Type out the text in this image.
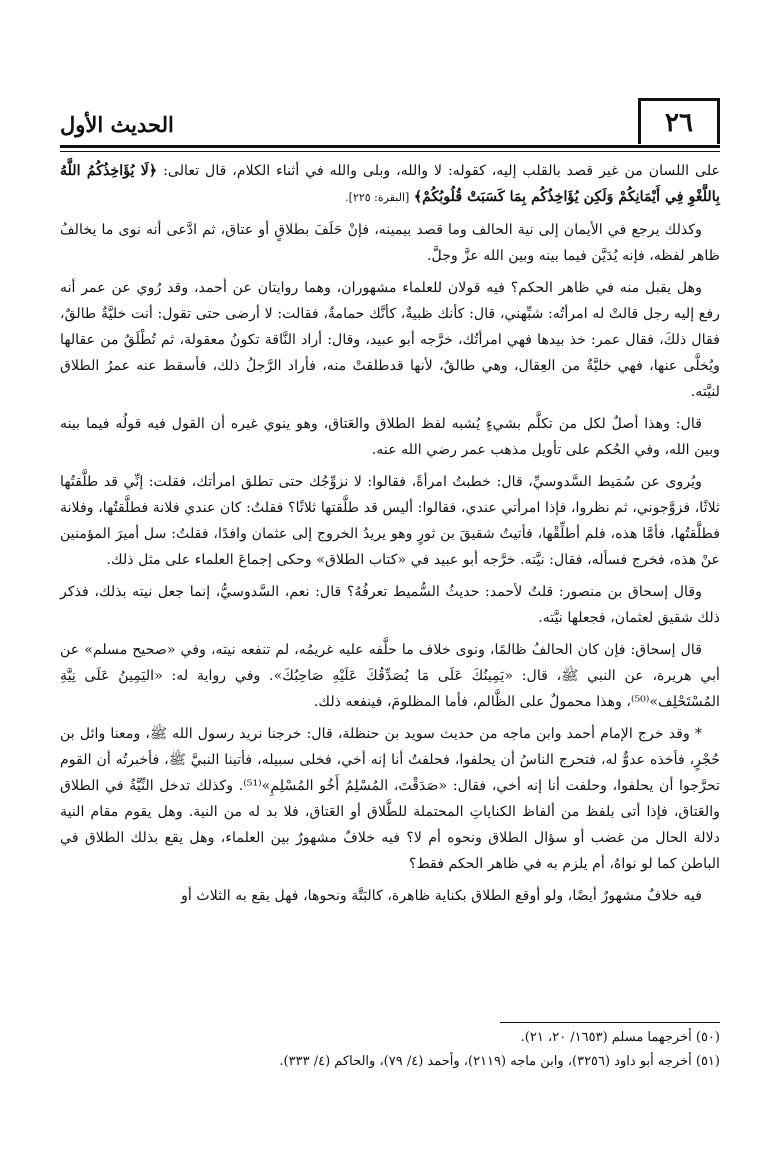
الحديث الأول	٢٦

على اللسان من غير قصد بالقلب إليه، كقوله: لا والله، وبلى والله في أثناء الكلام، قال تعالى: ﴿لَا يُؤَاخِذُكُمُ اللَّهُ بِاللَّغْوِ فِي أَيْمَانِكُمْ وَلَكِن يُؤَاخِذُكُم بِمَا كَسَبَتْ قُلُوبُكُمْ﴾ [البقرة: ٢٢٥].

وكذلك يرجع في الأيمان إلى نية الحالف وما قصد بيمينه، فإنْ حَلَفَ بطلاقٍ أو عتاق، ثم ادَّعى أنه نوى ما يخالفُ ظاهر لفظه، فإنه يُدَيَّن فيما بينه وبين الله عزَّ وجلَّ.

وهل يقبل منه في ظاهر الحكم؟ فيه قولان للعلماء مشهوران، وهما روايتان عن أحمد، وقد رُوي عن عمر أنه رفع إليه رجل قالتْ له امرأتُه: شبِّهني، قال: كأنك ظبيةٌ، كأنَّك حمامةٌ، فقالت: لا أرضى حتى تقول: أنت خليَّةٌ طالقٌ، فقال ذلكَ، فقال عمر: خذ بيدها فهي امرأتُك، خرَّجه أبو عبيد، وقال: أراد النَّاقة تكونُ معقولة، ثم تُطْلَقُ من عقالها ويُخلَّى عنها، فهي خليَّةٌ من العِقال، وهي طالقٌ، لأنها قدطلقتْ منه، فأراد الرَّجلُ ذلك، فأسقط عنه عمرُ الطلاق لنيَّته.

قال: وهذا أصلٌ لكل من تكلَّم بشيءٍ يُشبه لفظ الطلاق والعَتاق، وهو ينوي غيره أن القول فيه قولُه فيما بينه وبين الله، وفي الحُكم على تأويل مذهب عمر رضي الله عنه.

ويُروى عن سُمَيط السَّدوسيِّ، قال: خطبتُ امرأةً، فقالوا: لا نزوِّجُك حتى تطلق امرأتك، فقلت: إنِّي قد طلَّقتُها ثلاثًا، فزوَّجوني، ثم نظروا، فإذا امرأتي عندي، فقالوا: أليس قد طلَّقتها ثلاثًا؟ فقلتُ: كان عندي فلانة فطلَّقتُها، وفلانة فطلَّقتُها، فأمَّا هذه، فلم أطلِّقْها، فأتيتُ شقيقَ بن ثورٍ وهو يريدُ الخروج إلى عثمان وافدًا، فقلتُ: سل أميرَ المؤمنين عنْ هذه، فخرج فسأله، فقال: نيَّته. خرَّجه أبو عبيد في «كتاب الطلاق» وحكى إجماعَ العلماء على مثل ذلك.

وقال إسحاق بن منصور: قلتُ لأحمد: حديثُ السُّميط تعرفُهُ؟ قال: نعم، السَّدوسيُّ، إنما جعل نيته بذلك، فذكر ذلك شقيق لعثمان، فجعلها نيَّته.

قال إسحاق: فإن كان الحالفُ ظالمًا، ونوى خلاف ما حلَّفه عليه غريمُه، لم تنفعه نيته، وفي «صحيح مسلم» عن أبي هريرة، عن النبي ﷺ، قال: «يَمِينُكَ عَلَى مَا يُصَدِّقُكَ عَلَيْهِ صَاحِبُكَ». وفي رواية له: «اليَمِينُ عَلَى نِيَّةِ المُسْتَحْلِف»⁽⁵⁰⁾، وهذا محمولٌ على الظَّالم، فأما المظلومَ، فينفعه ذلك.

* وقد خرج الإمام أحمد وابن ماجه من حديث سويد بن حنظلة، قال: خرجنا نريد رسول الله ﷺ، ومعنا وائل بن حُجْرٍ، فأخذه عدوٌّ له، فتحرج الناسُ أن يحلفوا، فحلفتُ أنا إنه أخي، فخلى سبيله، فأتينا النبيَّ ﷺ، فأخبرتُه أن القوم تحرَّجوا أن يحلفوا، وحلفت أنا إنه أخي، فقال: «صَدَقْتَ، المُسْلِمُ أَخُو المُسْلِمِ»⁽⁵¹⁾. وكذلك تدخل النِّيَّةُ في الطلاق والعَتاق، فإذا أتى بلفظ من ألفاظ الكناياتِ المحتملة للطَّلاق أو العَتاق، فلا بد له من النية. وهل يقوم مقام النية دلالة الحال من غضب أو سؤال الطلاق ونحوه أم لا؟ فيه خلافٌ مشهورٌ بين العلماء، وهل يقع بذلك الطلاق في الباطن كما لو نواهُ، أم يلزم به في ظاهر الحكم فقط؟

فيه خلافٌ مشهورٌ أيضًا، ولو أوقع الطلاق بكناية ظاهرة، كالبَتَّة ونحوها، فهل يقع به الثلاث أو

(٥٠) أخرجهما مسلم (١٦٥٣/ ٢٠، ٢١).
(٥١) أخرجه أبو داود (٣٢٥٦)، وابن ماجه (٢١١٩)، وأحمد (٤/ ٧٩)، والحاكم (٤/ ٣٣٣).
